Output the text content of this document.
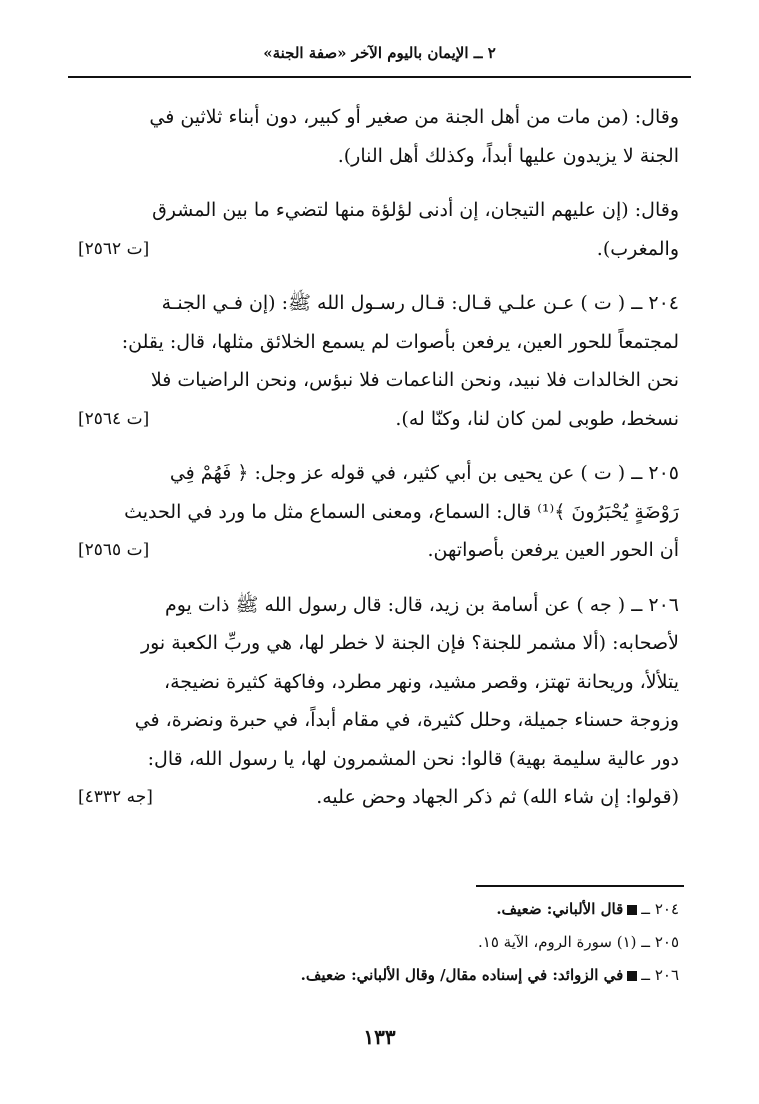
٢ ــ الإيمان باليوم الآخر «صفة الجنة»
وقال: (من مات من أهل الجنة من صغير أو كبير، دون أبناء ثلاثين في
الجنة لا يزيدون عليها أبداً، وكذلك أهل النار).
وقال: (إن عليهم التيجان، إن أدنى لؤلؤة منها لتضيء ما بين المشرق
والمغرب).
[ت ٢٥٦٢]
٢٠٤ ــ ( ت ) عـن علـي قـال: قـال رسـول الله ﷺ: (إن فـي الجنـة
لمجتمعاً للحور العين، يرفعن بأصوات لم يسمع الخلائق مثلها، قال: يقلن:
نحن الخالدات فلا نبيد، ونحن الناعمات فلا نبؤس، ونحن الراضيات فلا
نسخط، طوبى لمن كان لنا، وكنّا له).
[ت ٢٥٦٤]
٢٠٥ ــ ( ت ) عن يحيى بن أبي كثير، في قوله عز وجل: ﴿ فَهُمْ فِي
رَوْضَةٍ يُحْبَرُونَ ﴾⁽¹⁾ قال: السماع، ومعنى السماع مثل ما ورد في الحديث
أن الحور العين يرفعن بأصواتهن.
[ت ٢٥٦٥]
٢٠٦ ــ ( جه ) عن أسامة بن زيد، قال: قال رسول الله ﷺ ذات يوم
لأصحابه: (ألا مشمر للجنة؟ فإن الجنة لا خطر لها، هي وربِّ الكعبة نور
يتلألأ، وريحانة تهتز، وقصر مشيد، ونهر مطرد، وفاكهة كثيرة نضيجة،
وزوجة حسناء جميلة، وحلل كثيرة، في مقام أبداً، في حبرة ونضرة، في
دور عالية سليمة بهية) قالوا: نحن المشمرون لها، يا رسول الله، قال:
(قولوا: إن شاء الله) ثم ذكر الجهاد وحض عليه.
[جه ٤٣٣٢]
٢٠٤ ــقال الألباني: ضعيف.
٢٠٥ ــ (١) سورة الروم، الآية ١٥.
٢٠٦ ــفي الزوائد: في إسناده مقال/ وقال الألباني: ضعيف.
١٣٣
